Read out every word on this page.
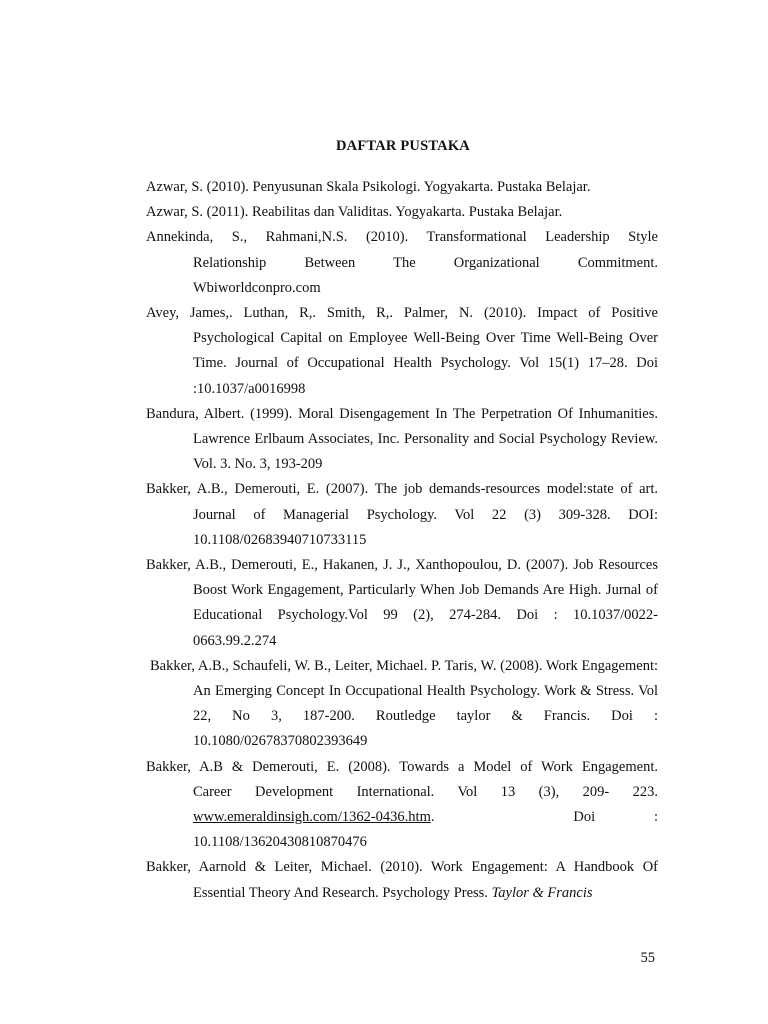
DAFTAR PUSTAKA

Azwar, S. (2010). Penyusunan Skala Psikologi. Yogyakarta. Pustaka Belajar.

Azwar, S. (2011). Reabilitas dan Validitas. Yogyakarta. Pustaka Belajar.

Annekinda, S., Rahmani,N.S. (2010). Transformational Leadership Style
Relationship Between The Organizational Commitment.
Wbiworldconpro.com

Avey, James,. Luthan, R,. Smith, R,. Palmer, N. (2010). Impact of Positive Psychological Capital on Employee Well-Being Over Time Well-Being Over Time. Journal of Occupational Health Psychology. Vol 15(1) 17–28. Doi :10.1037/a0016998

Bandura, Albert. (1999). Moral Disengagement In The Perpetration Of Inhumanities. Lawrence Erlbaum Associates, Inc. Personality and Social Psychology Review. Vol. 3. No. 3, 193-209

Bakker, A.B., Demerouti, E. (2007). The job demands-resources model:state of art. Journal of Managerial Psychology. Vol 22 (3) 309-328. DOI: 10.1108/02683940710733115

Bakker, A.B., Demerouti, E., Hakanen, J. J., Xanthopoulou, D. (2007). Job Resources Boost Work Engagement, Particularly When Job Demands Are High. Jurnal of Educational Psychology.Vol 99 (2), 274-284. Doi : 10.1037/0022-0663.99.2.274

Bakker, A.B., Schaufeli, W. B., Leiter, Michael. P. Taris, W. (2008). Work Engagement: An Emerging Concept In Occupational Health Psychology. Work & Stress. Vol 22, No 3, 187-200. Routledge taylor & Francis. Doi : 10.1080/02678370802393649

Bakker, A.B & Demerouti, E. (2008). Towards a Model of Work Engagement.
Career Development International. Vol 13 (3), 209- 223.
www.emeraldinsigh.com/1362-0436.htm.	Doi	:
10.1108/13620430810870476

Bakker, Aarnold & Leiter, Michael. (2010). Work Engagement: A Handbook Of Essential Theory And Research. Psychology Press. Taylor & Francis

55
